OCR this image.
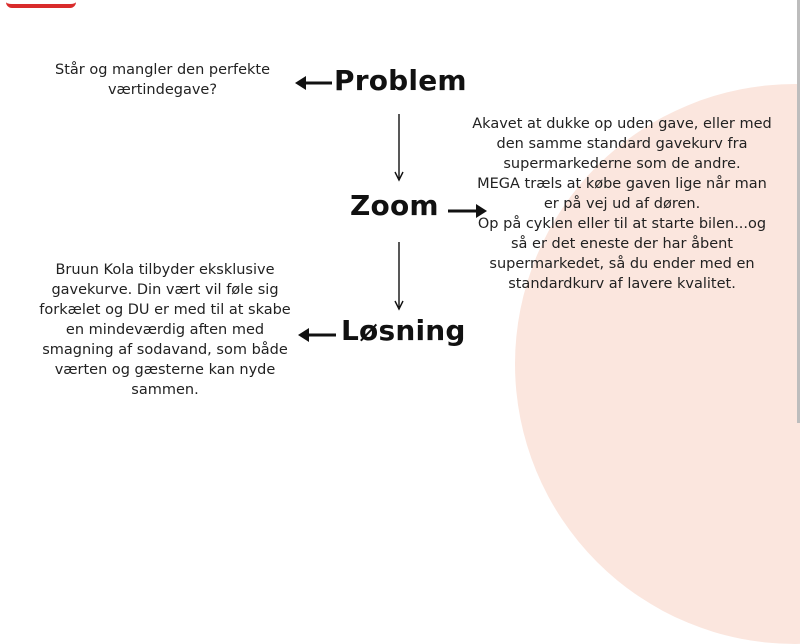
Står og mangler den perfekte
værtindegave?	Problem
Zoom
Akavet at dukke op uden gave, eller med
den samme standard gavekurv fra
supermarkederne som de andre.
MEGA træls at købe gaven lige når man
er på vej ud af døren.
Op på cyklen eller til at starte bilen...og
så er det eneste der har åbent
supermarkedet, så du ender med en
standardkurv af lavere kvalitet.
Bruun Kola tilbyder eksklusive
gavekurve. Din vært vil føle sig
forkælet og DU er med til at skabe
en mindeværdig aften med
smagning af sodavand, som både
værten og gæsterne kan nyde
sammen.
Løsning
